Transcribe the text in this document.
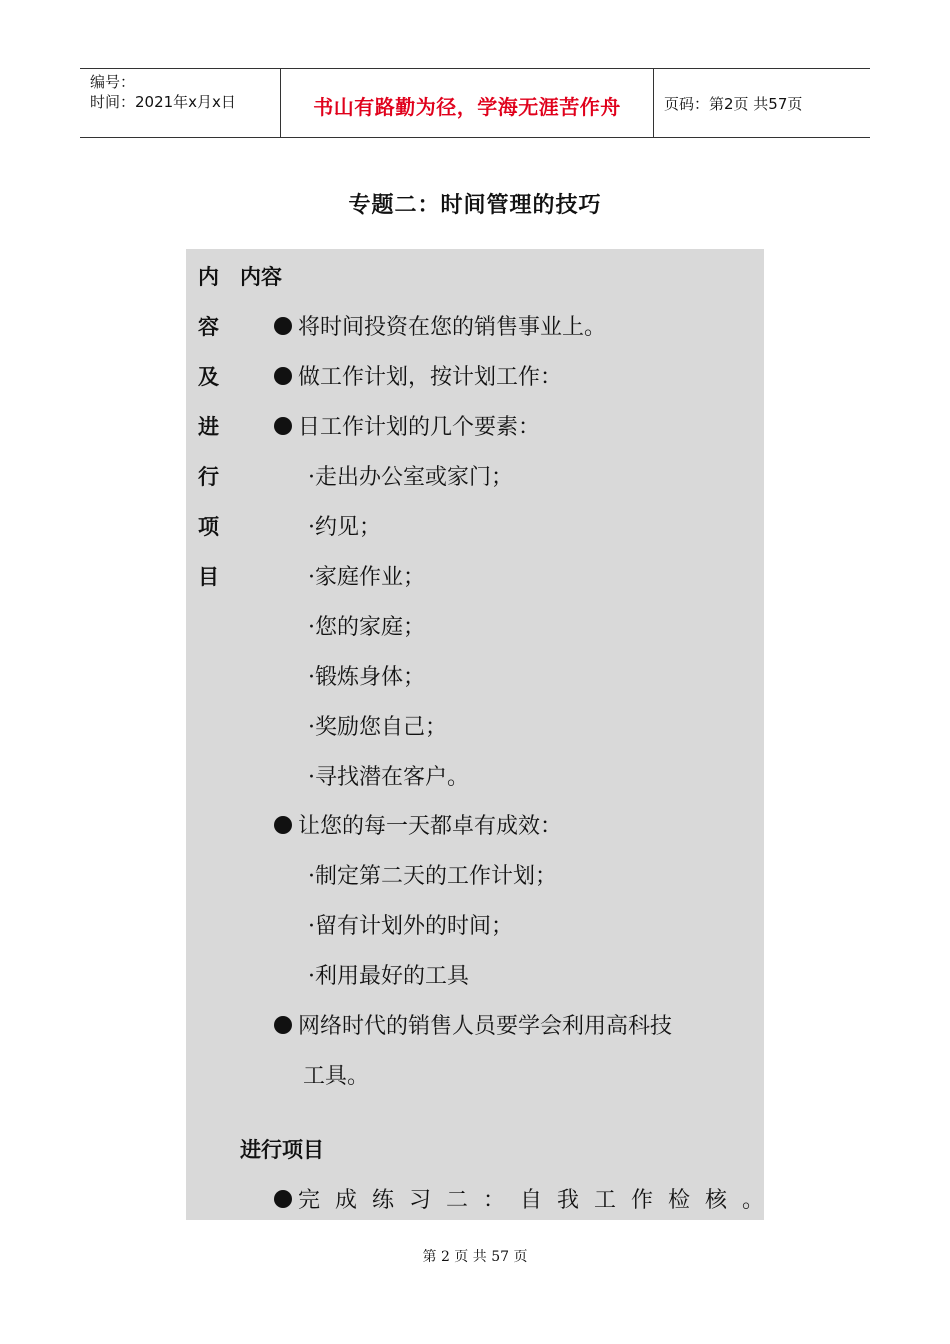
编号：
时间：2021年x月x日	书山有路勤为径，学海无涯苦作舟	页码：第2页 共57页
专题二：时间管理的技巧
内
容
及
进
行
项
目
内容
将时间投资在您的销售事业上。
做工作计划，按计划工作：
日工作计划的几个要素：
·走出办公室或家门；
·约见；
·家庭作业；
·您的家庭；
·锻炼身体；
·奖励您自己；
·寻找潜在客户。
让您的每一天都卓有成效：
·制定第二天的工作计划；
·留有计划外的时间；
·利用最好的工具
网络时代的销售人员要学会利用高科技
工具。
进行项目
完成练习二：自我工作检核。
第 2 页 共 57 页
